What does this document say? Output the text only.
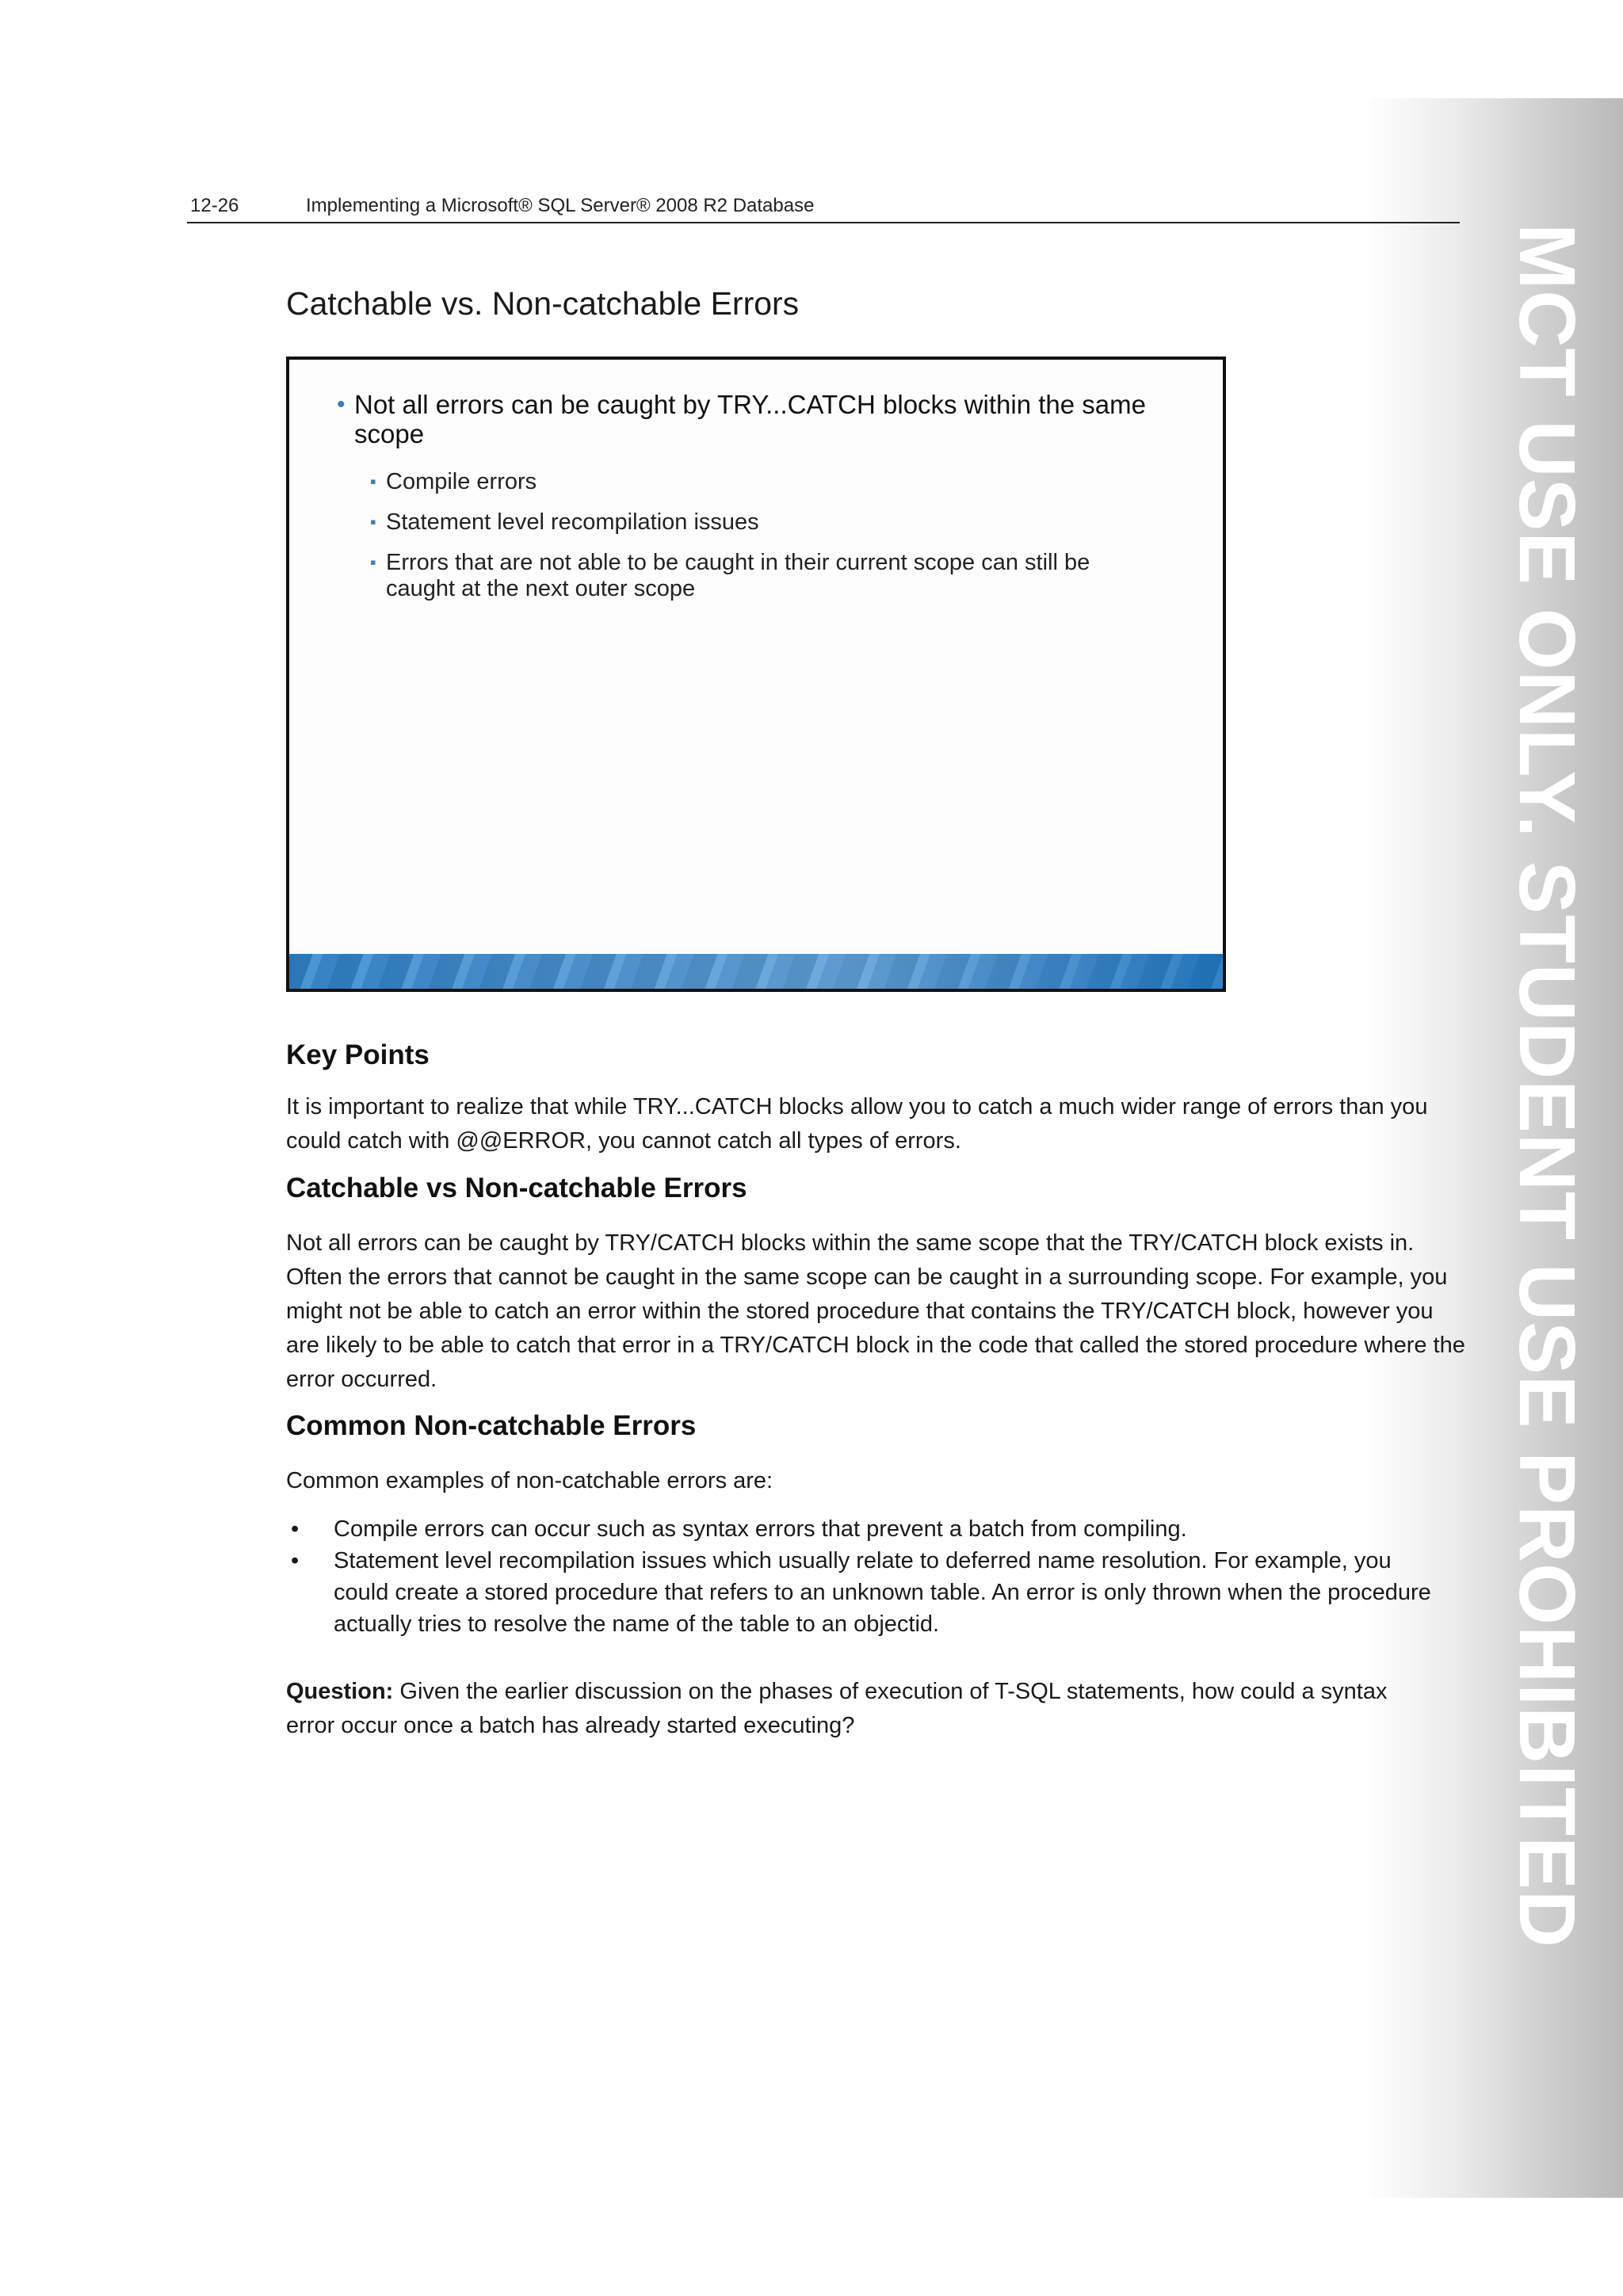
MCT USE ONLY. STUDENT USE PROHIBITED
12-26	Implementing a Microsoft® SQL Server® 2008 R2 Database
Catchable vs. Non-catchable Errors
• Not all errors can be caught by TRY...CATCH blocks within the same scope
▪ Compile errors
▪ Statement level recompilation issues
▪ Errors that are not able to be caught in their current scope can still be caught at the next outer scope
Key Points

It is important to realize that while TRY...CATCH blocks allow you to catch a much wider range of errors than you could catch with @@ERROR, you cannot catch all types of errors.

Catchable vs Non-catchable Errors

Not all errors can be caught by TRY/CATCH blocks within the same scope that the TRY/CATCH block exists in. Often the errors that cannot be caught in the same scope can be caught in a surrounding scope. For example, you might not be able to catch an error within the stored procedure that contains the TRY/CATCH block, however you are likely to be able to catch that error in a TRY/CATCH block in the code that called the stored procedure where the error occurred.

Common Non-catchable Errors

Common examples of non-catchable errors are:

• Compile errors can occur such as syntax errors that prevent a batch from compiling.
• Statement level recompilation issues which usually relate to deferred name resolution. For example, you could create a stored procedure that refers to an unknown table. An error is only thrown when the procedure actually tries to resolve the name of the table to an objectid.

Question: Given the earlier discussion on the phases of execution of T-SQL statements, how could a syntax error occur once a batch has already started executing?
